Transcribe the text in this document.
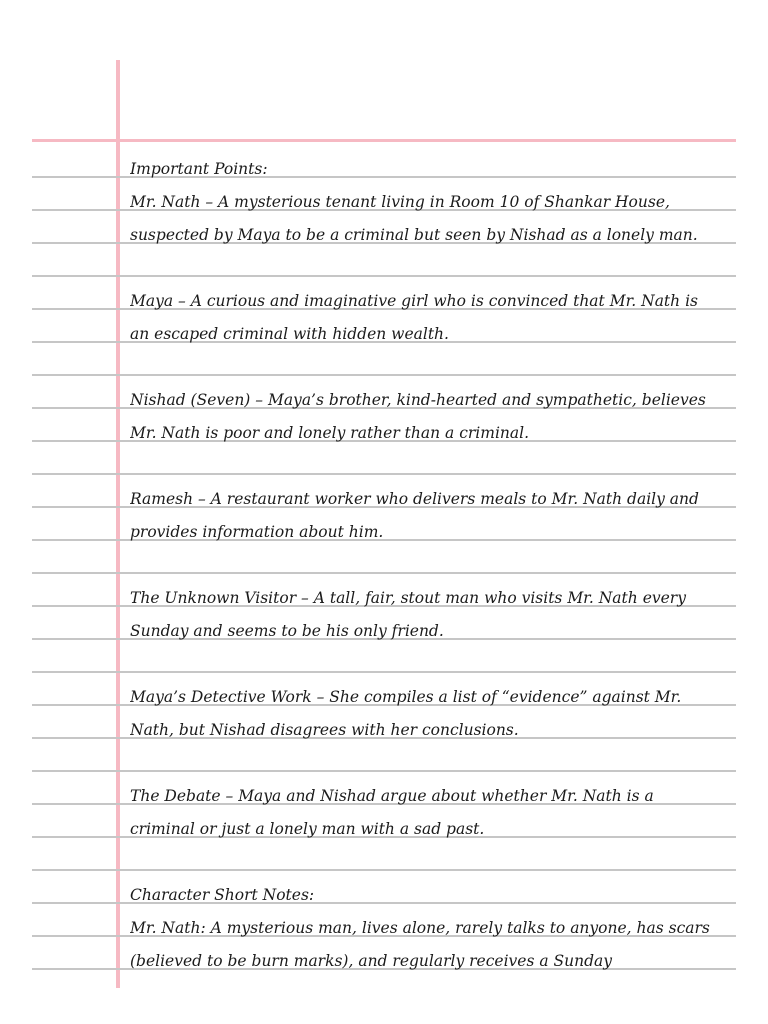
Important Points:
Mr. Nath – A mysterious tenant living in Room 10 of Shankar House,
suspected by Maya to be a criminal but seen by Nishad as a lonely man.
Maya – A curious and imaginative girl who is convinced that Mr. Nath is
an escaped criminal with hidden wealth.
Nishad (Seven) – Maya’s brother, kind-hearted and sympathetic, believes
Mr. Nath is poor and lonely rather than a criminal.
Ramesh – A restaurant worker who delivers meals to Mr. Nath daily and
provides information about him.
The Unknown Visitor – A tall, fair, stout man who visits Mr. Nath every
Sunday and seems to be his only friend.
Maya’s Detective Work – She compiles a list of “evidence” against Mr.
Nath, but Nishad disagrees with her conclusions.
The Debate – Maya and Nishad argue about whether Mr. Nath is a
criminal or just a lonely man with a sad past.
Character Short Notes:
Mr. Nath: A mysterious man, lives alone, rarely talks to anyone, has scars
(believed to be burn marks), and regularly receives a Sunday
